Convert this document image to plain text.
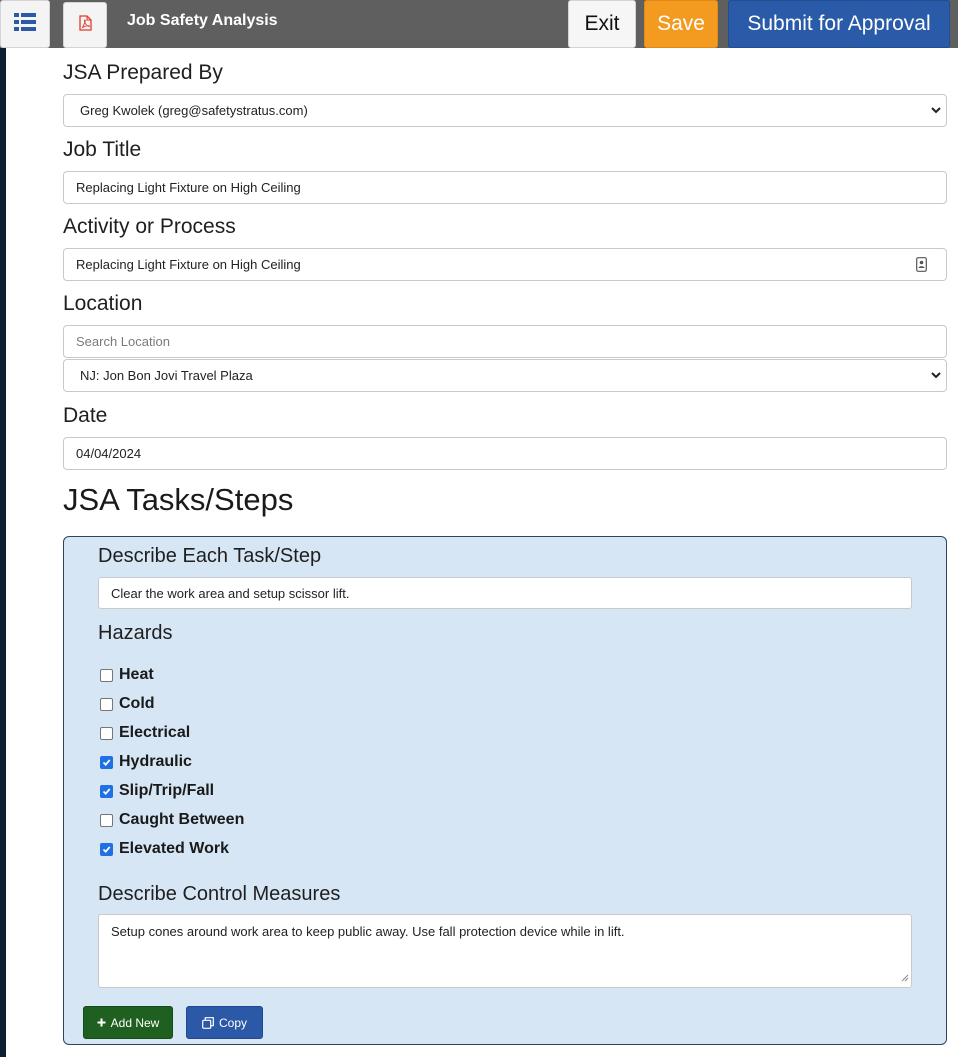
Job Safety Analysis	Exit	Save	Submit for Approval
JSA Prepared By
Greg Kwolek (greg@safetystratus.com)
Job Title
Replacing Light Fixture on High Ceiling
Activity or Process
Replacing Light Fixture on High Ceiling
Location
Search Location
NJ: Jon Bon Jovi Travel Plaza
Date
04/04/2024
JSA Tasks/Steps
Describe Each Task/Step
Clear the work area and setup scissor lift.
Hazards
Heat
Cold
Electrical
Hydraulic
Slip/Trip/Fall
Caught Between
Elevated Work
Describe Control Measures
Setup cones around work area to keep public away. Use fall protection device while in lift.
Add New	Copy
